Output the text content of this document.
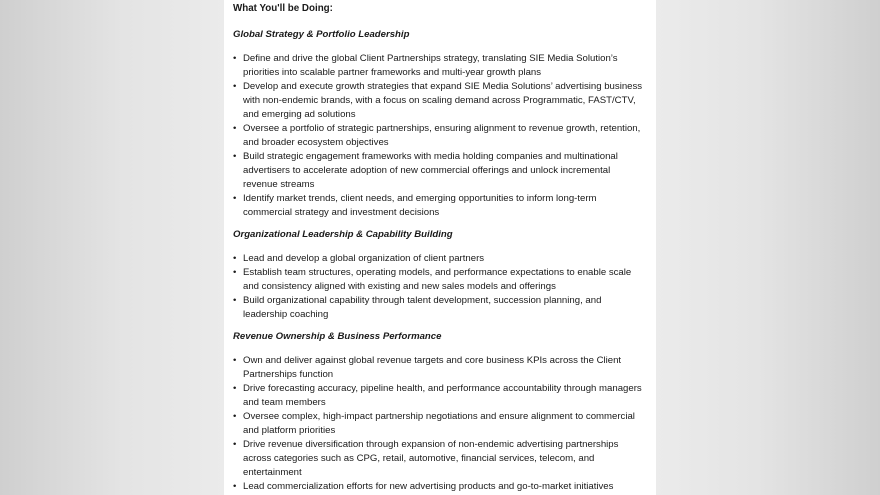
What You'll be Doing:
Global Strategy & Portfolio Leadership
• Define and drive the global Client Partnerships strategy, translating SIE Media Solution’s
priorities into scalable partner frameworks and multi-year growth plans
• Develop and execute growth strategies that expand SIE Media Solutions’ advertising business
with non-endemic brands, with a focus on scaling demand across Programmatic, FAST/CTV,
and emerging ad solutions
• Oversee a portfolio of strategic partnerships, ensuring alignment to revenue growth, retention,
and broader ecosystem objectives
• Build strategic engagement frameworks with media holding companies and multinational
advertisers to accelerate adoption of new commercial offerings and unlock incremental
revenue streams
• Identify market trends, client needs, and emerging opportunities to inform long-term
commercial strategy and investment decisions
Organizational Leadership & Capability Building
• Lead and develop a global organization of client partners
• Establish team structures, operating models, and performance expectations to enable scale
and consistency aligned with existing and new sales models and offerings
• Build organizational capability through talent development, succession planning, and
leadership coaching
Revenue Ownership & Business Performance
• Own and deliver against global revenue targets and core business KPIs across the Client
Partnerships function
• Drive forecasting accuracy, pipeline health, and performance accountability through managers
and team members
• Oversee complex, high-impact partnership negotiations and ensure alignment to commercial
and platform priorities
• Drive revenue diversification through expansion of non-endemic advertising partnerships
across categories such as CPG, retail, automotive, financial services, telecom, and
entertainment
• Lead commercialization efforts for new advertising products and go-to-market initiatives
